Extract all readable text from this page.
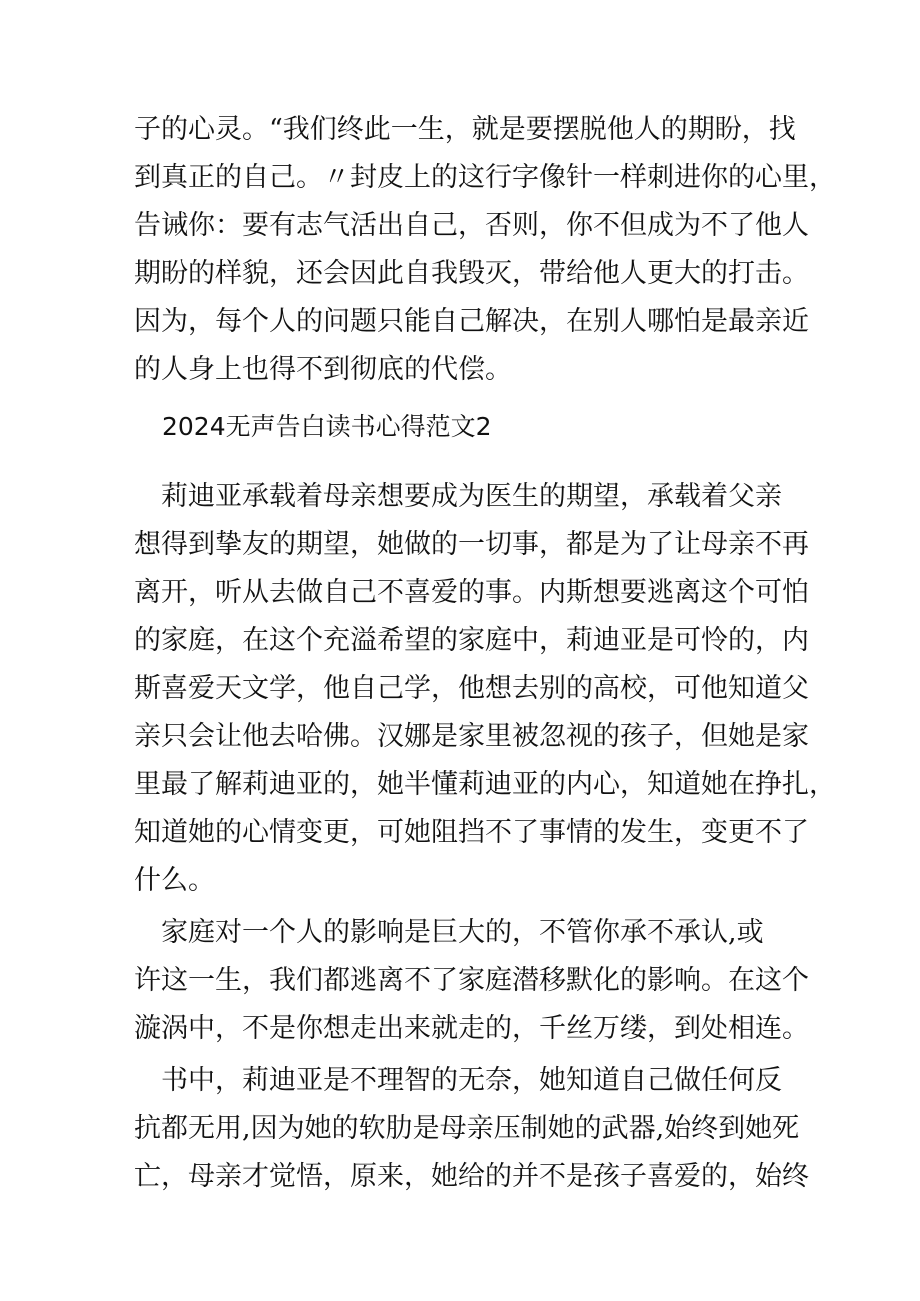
子的心灵。“我们终此一生，就是要摆脱他人的期盼，找

到真正的自己。〃封皮上的这行字像针一样刺进你的心里，

告诫你：要有志气活出自己，否则，你不但成为不了他人

期盼的样貌，还会因此自我毁灭，带给他人更大的打击。

因为，每个人的问题只能自己解决，在别人哪怕是最亲近

的人身上也得不到彻底的代偿。

2024无声告白读书心得范文2

　莉迪亚承载着母亲想要成为医生的期望，承载着父亲

想得到挚友的期望，她做的一切事，都是为了让母亲不再

离开，听从去做自己不喜爱的事。内斯想要逃离这个可怕

的家庭，在这个充溢希望的家庭中，莉迪亚是可怜的，内

斯喜爱天文学，他自己学，他想去别的高校，可他知道父

亲只会让他去哈佛。汉娜是家里被忽视的孩子，但她是家

里最了解莉迪亚的，她半懂莉迪亚的内心，知道她在挣扎，

知道她的心情变更，可她阻挡不了事情的发生，变更不了

什么。

　家庭对一个人的影响是巨大的，不管你承不承认,或

许这一生，我们都逃离不了家庭潜移默化的影响。在这个

漩涡中，不是你想走出来就走的，千丝万缕，到处相连。

　书中，莉迪亚是不理智的无奈，她知道自己做任何反

抗都无用,因为她的软肋是母亲压制她的武器,始终到她死

亡，母亲才觉悟，原来，她给的并不是孩子喜爱的，始终
